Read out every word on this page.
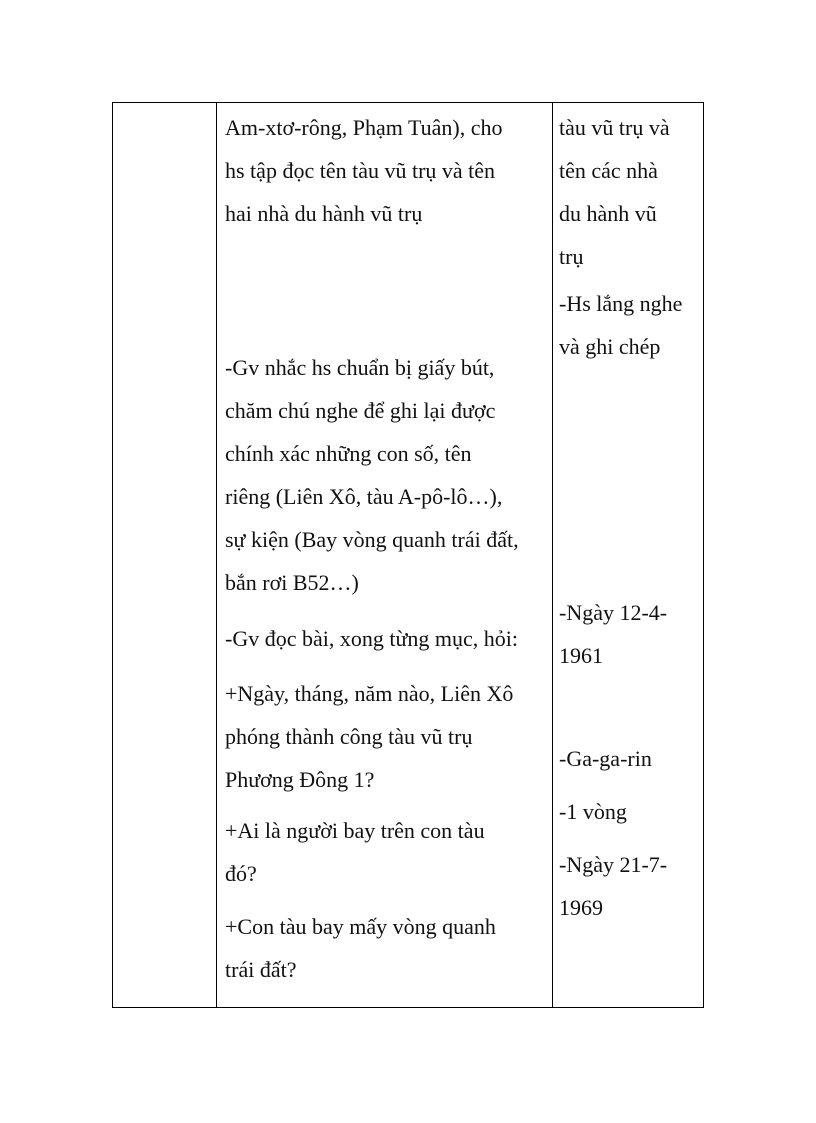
Am-xtơ-rông, Phạm Tuân), cho
hs tập đọc tên tàu vũ trụ và tên
hai nhà du hành vũ trụ

-Gv nhắc hs chuẩn bị giấy bút,
chăm chú nghe để ghi lại được
chính xác những con số, tên
riêng (Liên Xô, tàu A-pô-lô…),
sự kiện (Bay vòng quanh trái đất,
bắn rơi B52…)

-Gv đọc bài, xong từng mục, hỏi:

+Ngày, tháng, năm nào, Liên Xô
phóng thành công tàu vũ trụ
Phương Đông 1?

+Ai là người bay trên con tàu
đó?

+Con tàu bay mấy vòng quanh
trái đất?

tàu vũ trụ và
tên các nhà
du hành vũ
trụ

-Hs lắng nghe
và ghi chép

-Ngày 12-4-
1961

-Ga-ga-rin

-1 vòng

-Ngày 21-7-
1969
